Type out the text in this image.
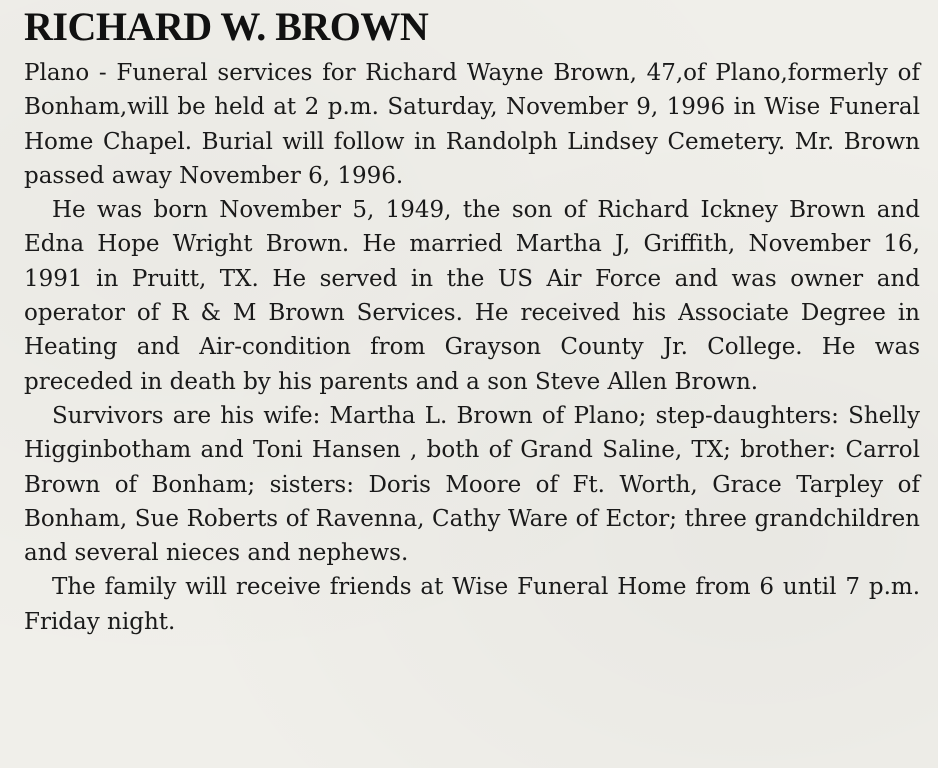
RICHARD W. BROWN

Plano - Funeral services for Richard Wayne Brown, 47,of Plano,formerly of Bonham,will be held at 2 p.m. Saturday, November 9, 1996 in Wise Funeral Home Chapel. Burial will follow in Randolph Lindsey Cemetery. Mr. Brown passed away November 6, 1996.

He was born November 5, 1949, the son of Richard Ickney Brown and Edna Hope Wright Brown. He married Martha J, Griffith, November 16, 1991 in Pruitt, TX. He served in the US Air Force and was owner and operator of R & M Brown Services. He received his Associate Degree in Heating and Air-condition from Grayson County Jr. College. He was preceded in death by his parents and a son Steve Allen Brown.

Survivors are his wife: Martha L. Brown of Plano; step-daughters: Shelly Higginbotham and Toni Hansen , both of Grand Saline, TX; brother: Carrol Brown of Bonham; sisters: Doris Moore of Ft. Worth, Grace Tarpley of Bonham, Sue Roberts of Ravenna, Cathy Ware of Ector; three grandchildren and several nieces and nephews.

The family will receive friends at Wise Funeral Home from 6 until 7 p.m. Friday night.
